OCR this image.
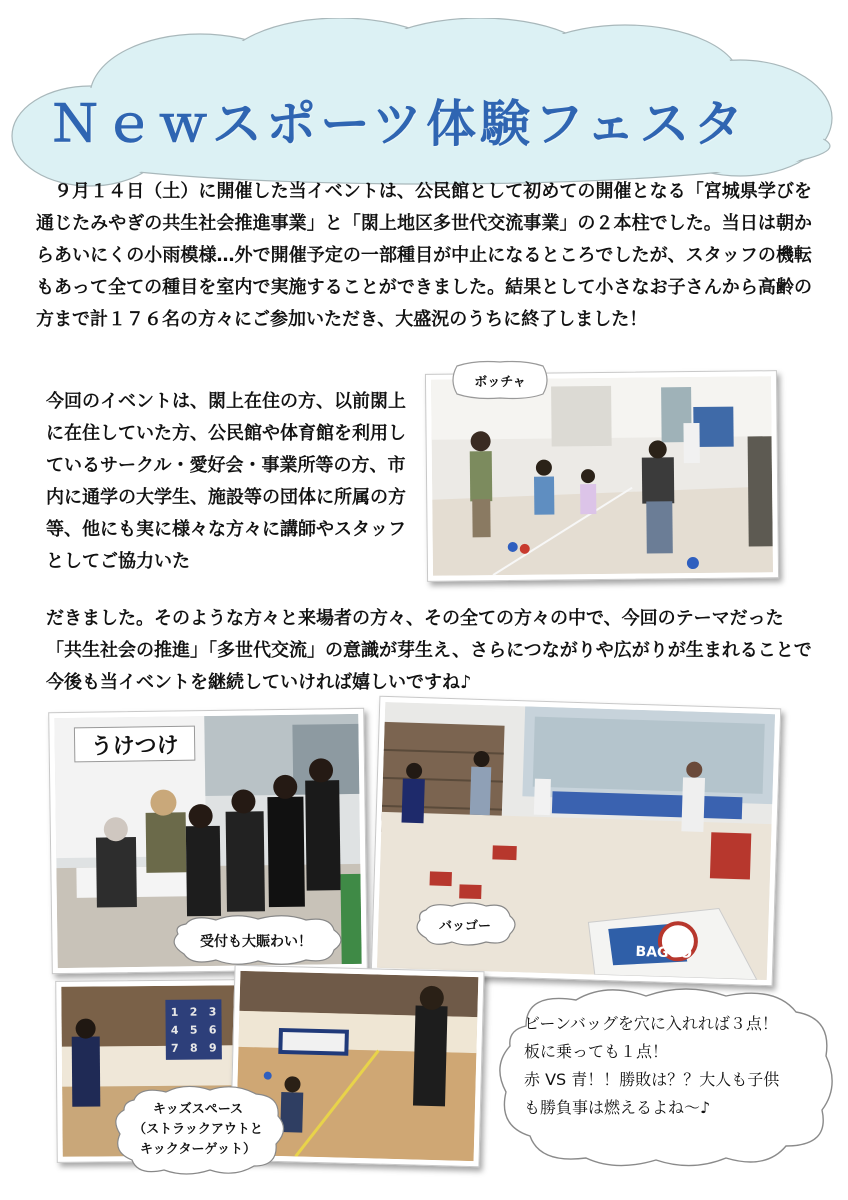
Ｎｅｗスポーツ体験フェスタ

９月１４日（土）に開催した当イベントは、公民館として初めての開催となる「宮城県学びを通じたみやぎの共生社会推進事業」と「閖上地区多世代交流事業」の２本柱でした。当日は朝からあいにくの小雨模様…外で開催予定の一部種目が中止になるところでしたが、スタッフの機転もあって全ての種目を室内で実施することができました。結果として小さなお子さんから高齢の方まで計１７６名の方々にご参加いただき、大盛況のうちに終了しました！

今回のイベントは、閖上在住の方、以前閖上に在住していた方、公民館や体育館を利用しているサークル・愛好会・事業所等の方、市内に通学の大学生、施設等の団体に所属の方等、他にも実に様々な方々に講師やスタッフとしてご協力いた

だきました。そのような方々と来場者の方々、その全ての方々の中で、今回のテーマだった「共生社会の推進」「多世代交流」の意識が芽生え、さらにつながりや広がりが生まれることで今後も当イベントを継続していければ嬉しいですね♪

うけつけ
BAGGO
1 2 3
4 5 6
7 8 9
ボッチャ
受付も大賑わい！
バッゴー
キッズスペース
（ストラックアウトと
キックターゲット）

ビーンバッグを穴に入れれば３点！
板に乗っても１点！
赤 VS 青！！勝敗は？？大人も子供
も勝負事は燃えるよね～♪
